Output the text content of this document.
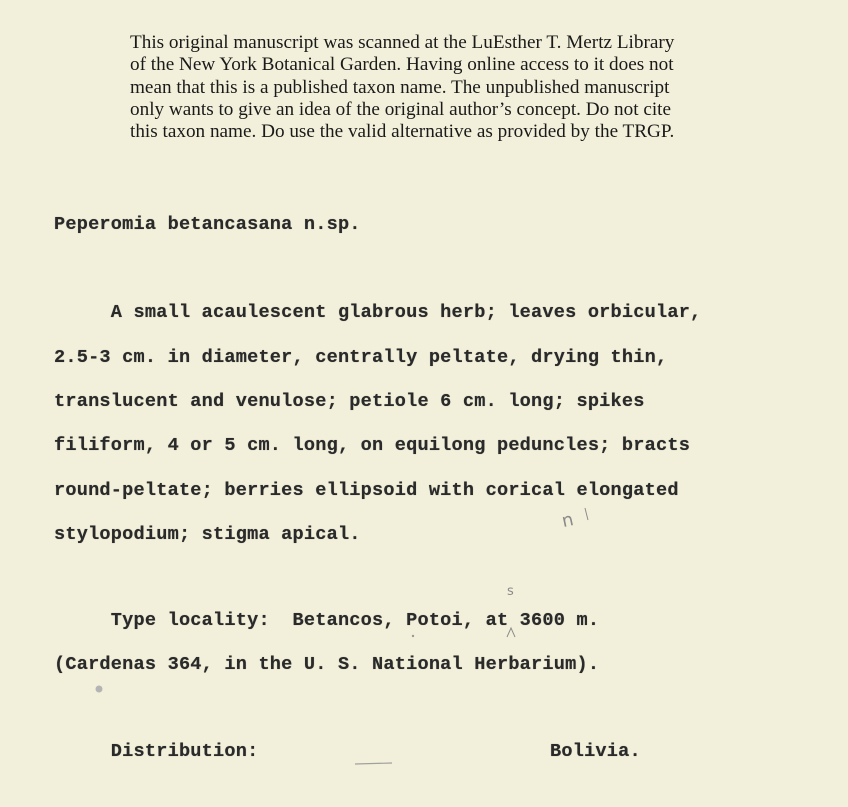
This original manuscript was scanned at the LuEsther T. Mertz Library
of the New York Botanical Garden. Having online access to it does not
mean that this is a published taxon name. The unpublished manuscript
only wants to give an idea of the original author’s concept. Do not cite
this taxon name. Do use the valid alternative as provided by the TRGP.
Peperomia betancasana n.sp.
A small acaulescent glabrous herb; leaves orbicular,
2.5-3 cm. in diameter, centrally peltate, drying thin,
translucent and venulose; petiole 6 cm. long; spikes
filiform, 4 or 5 cm. long, on equilong peduncles; bracts
round-peltate; berries ellipsoid with corical elongated
stylopodium; stigma apical.
Type locality:  Betancos, Potoi, at 3600 m.
(Cardenas 364, in the U. S. National Herbarium).
Distribution:	Bolivia.
s
n
